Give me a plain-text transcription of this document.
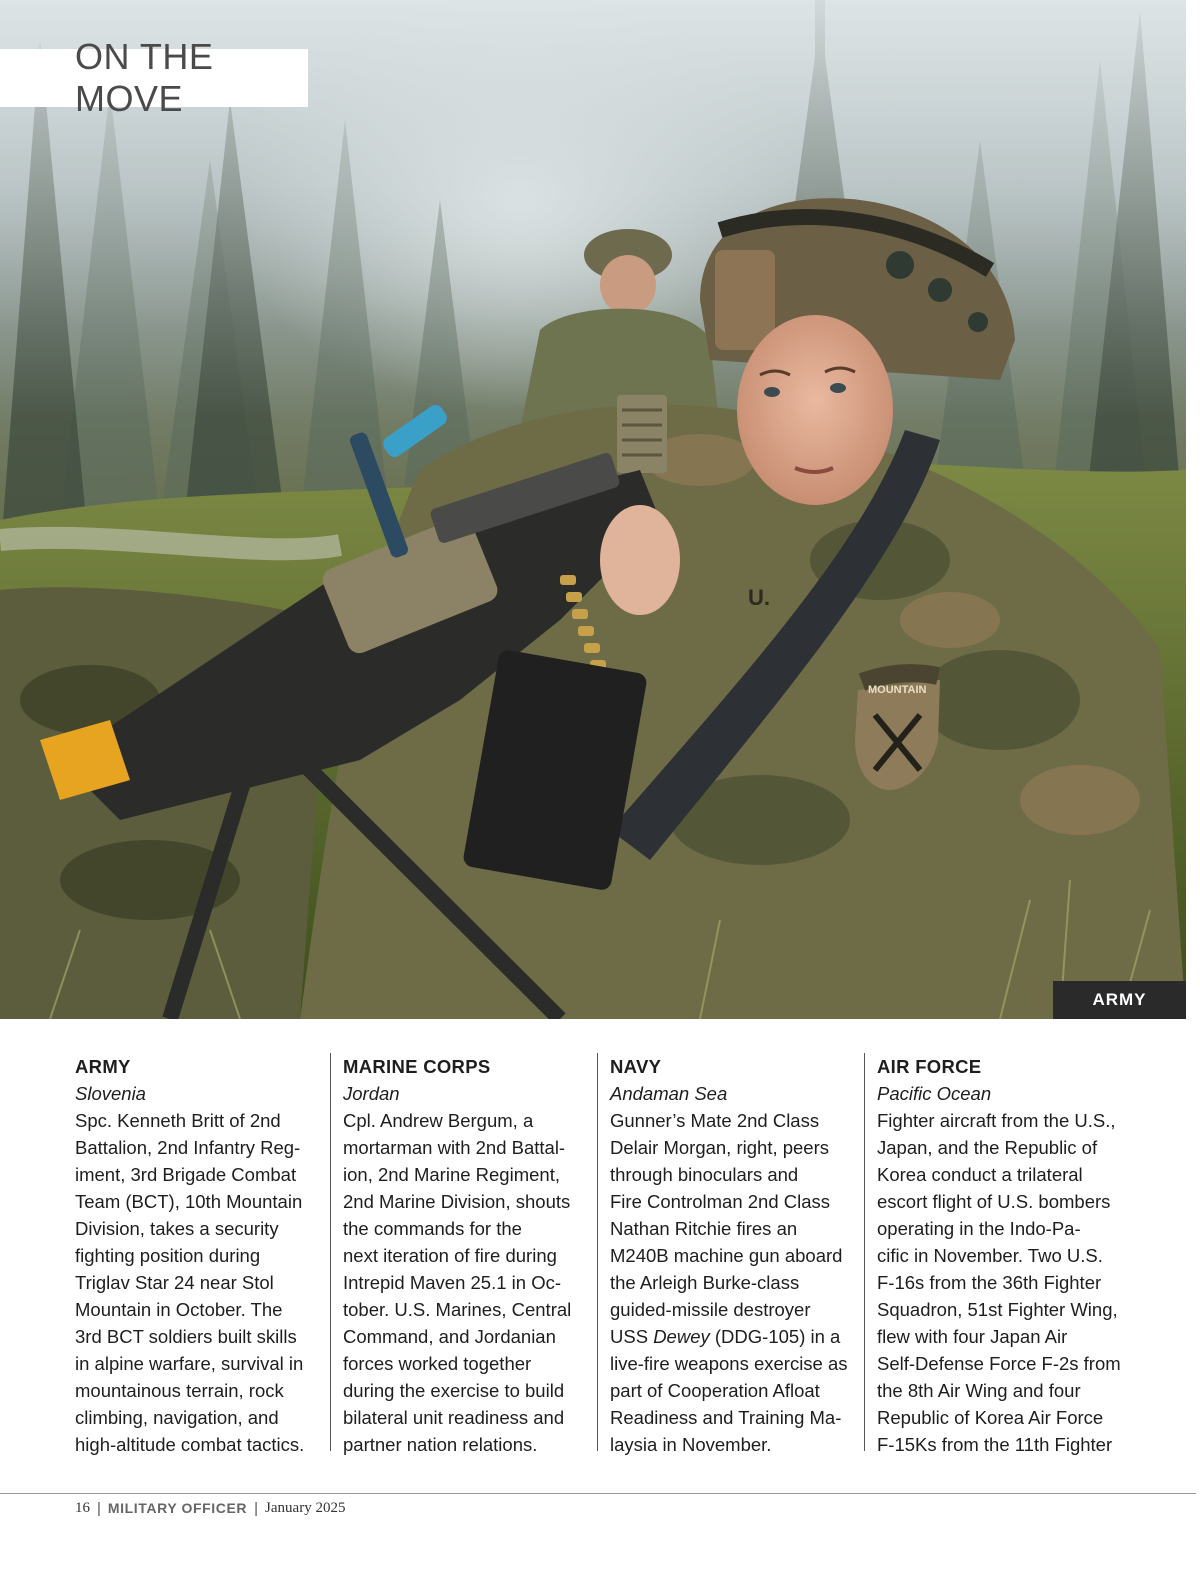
MOUNTAIN
U.
ON THE MOVE
ARMY
ARMY
Slovenia
Spc. Kenneth Britt of 2nd
Battalion, 2nd Infantry Reg-
iment, 3rd Brigade Combat
Team (BCT), 10th Mountain
Division, takes a security
fighting position during
Triglav Star 24 near Stol
Mountain in October. The
3rd BCT soldiers built skills
in alpine warfare, survival in
mountainous terrain, rock
climbing, navigation, and
high-altitude combat tactics.
MARINE CORPS
Jordan
Cpl. Andrew Bergum, a
mortarman with 2nd Battal-
ion, 2nd Marine Regiment,
2nd Marine Division, shouts
the commands for the
next iteration of fire during
Intrepid Maven 25.1 in Oc-
tober. U.S. Marines, Central
Command, and Jordanian
forces worked together
during the exercise to build
bilateral unit readiness and
partner nation relations.
NAVY
Andaman Sea
Gunner’s Mate 2nd Class
Delair Morgan, right, peers
through binoculars and
Fire Controlman 2nd Class
Nathan Ritchie fires an
M240B machine gun aboard
the Arleigh Burke-class
guided-missile destroyer
USS Dewey (DDG-105) in a
live-fire weapons exercise as
part of Cooperation Afloat
Readiness and Training Ma-
laysia in November.
AIR FORCE
Pacific Ocean
Fighter aircraft from the U.S.,
Japan, and the Republic of
Korea conduct a trilateral
escort flight of U.S. bombers
operating in the Indo-Pa-
cific in November. Two U.S.
F-16s from the 36th Fighter
Squadron, 51st Fighter Wing,
flew with four Japan Air
Self-Defense Force F-2s from
the 8th Air Wing and four
Republic of Korea Air Force
F-15Ks from the 11th Fighter
16 | MILITARY OFFICER | January 2025
